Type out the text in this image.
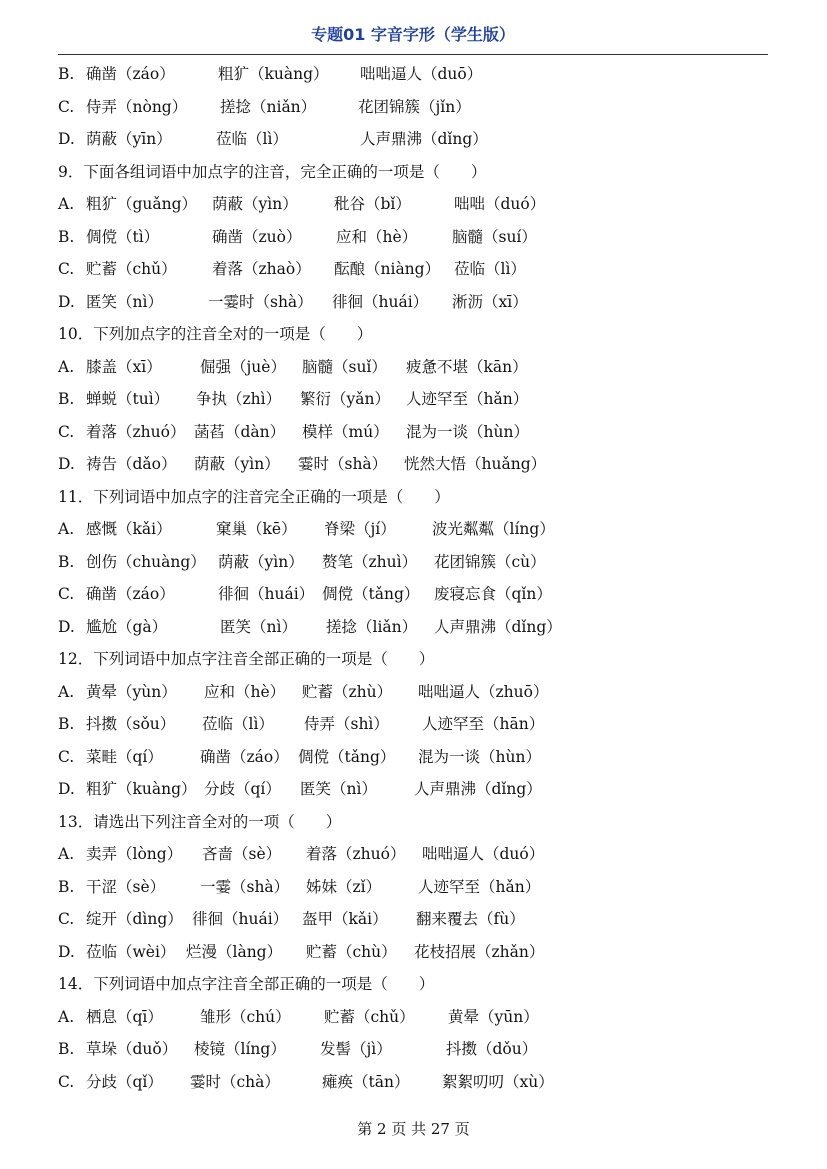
专题01 字音字形（学生版）
B. 确凿（záo）	粗犷（kuàng） 咄咄逼人（duō）
C. 侍弄（nòng） 搓捻（niǎn）	花团锦簇（jǐn）
D. 荫蔽（yīn）	莅临（lì）	人声鼎沸（dǐng）
9．下面各组词语中加点字的注音，完全正确的一项是（　　）
A. 粗犷（guǎng） 荫蔽（yìn） 秕谷（bǐ）	咄咄（duó）
B. 倜傥（tì）	确凿（zuò） 应和（hè） 脑髓（suí）
C. 贮蓄（chǔ） 着落（zhaò） 酝酿（niàng） 莅临（lì）
D. 匿笑（nì）	一霎时（shà） 徘徊（huái） 淅沥（xī）
10．下列加点字的注音全对的一项是（　　）
A. 膝盖（xī） 倔强（juè） 脑髓（suǐ） 疲惫不堪（kān）
B. 蝉蜕（tuì） 争执（zhì） 繁衍（yǎn） 人迹罕至（hǎn）
C. 着落（zhuó） 菡萏（dàn） 模样（mú） 混为一谈（hùn）
D. 祷告（dǎo） 荫蔽（yìn） 霎时（shà） 恍然大悟（huǎng）
11．下列词语中加点字的注音完全正确的一项是（　　）
A. 感慨（kǎi）	窠巢（kē） 脊梁（jí） 波光粼粼（líng）
B. 创伤（chuàng） 荫蔽（yìn） 赘笔（zhuì） 花团锦簇（cù）
C. 确凿（záo）	徘徊（huái） 倜傥（tǎng） 废寝忘食（qǐn）
D. 尴尬（gà）	匿笑（nì） 搓捻（liǎn） 人声鼎沸（dǐng）
12．下列词语中加点字注音全部正确的一项是（　　）
A. 黄晕（yùn） 应和（hè） 贮蓄（zhù） 咄咄逼人（zhuō）
B. 抖擞（sǒu） 莅临（lì） 侍弄（shì） 人迹罕至（hān）
C. 菜畦（qí） 确凿（záo） 倜傥（tǎng） 混为一谈（hùn）
D. 粗犷（kuàng） 分歧（qí） 匿笑（nì） 人声鼎沸（dǐng）
13．请选出下列注音全对的一项（　　）
A. 卖弄（lòng） 吝啬（sè） 着落（zhuó） 咄咄逼人（duó）
B. 干涩（sè） 一霎（shà） 姊妹（zǐ） 人迹罕至（hǎn）
C. 绽开（dìng） 徘徊（huái） 盔甲（kǎi） 翻来覆去（fù）
D. 莅临（wèi） 烂漫（làng） 贮蓄（chù） 花枝招展（zhǎn）
14．下列词语中加点字注音全部正确的一项是（　　）
A. 栖息（qī） 雏形（chú） 贮蓄（chǔ） 黄晕（yūn）
B. 草垛（duǒ） 棱镜（líng） 发髻（jì）	抖擞（dǒu）
C. 分歧（qǐ） 霎时（chà）	瘫痪（tān） 絮絮叨叨（xù）
第 2 页 共 27 页
